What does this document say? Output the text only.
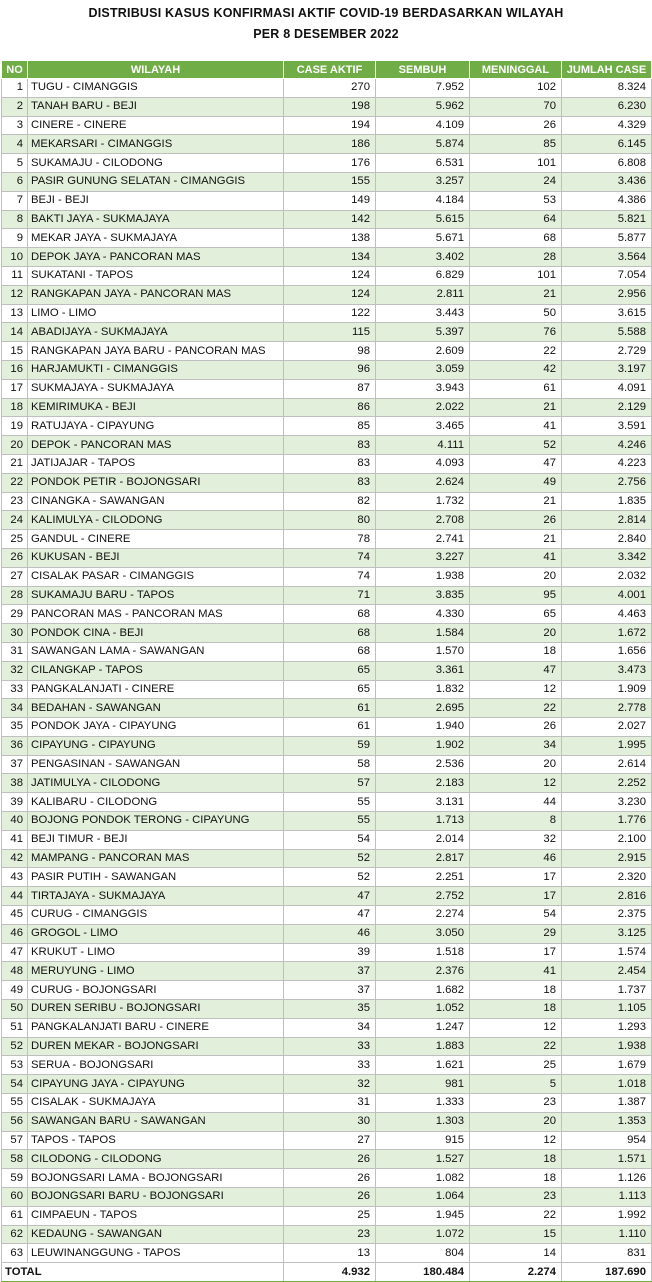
DISTRIBUSI KASUS KONFIRMASI AKTIF COVID-19 BERDASARKAN WILAYAH
PER 8 DESEMBER 2022
NO	WILAYAH	CASE AKTIF	SEMBUH	MENINGGAL	JUMLAH CASE
1	TUGU - CIMANGGIS	270	7.952	102	8.324
2	TANAH BARU - BEJI	198	5.962	70	6.230
3	CINERE - CINERE	194	4.109	26	4.329
4	MEKARSARI - CIMANGGIS	186	5.874	85	6.145
5	SUKAMAJU - CILODONG	176	6.531	101	6.808
6	PASIR GUNUNG SELATAN - CIMANGGIS	155	3.257	24	3.436
7	BEJI - BEJI	149	4.184	53	4.386
8	BAKTI JAYA - SUKMAJAYA	142	5.615	64	5.821
9	MEKAR JAYA - SUKMAJAYA	138	5.671	68	5.877
10	DEPOK JAYA - PANCORAN MAS	134	3.402	28	3.564
11	SUKATANI - TAPOS	124	6.829	101	7.054
12	RANGKAPAN JAYA - PANCORAN MAS	124	2.811	21	2.956
13	LIMO - LIMO	122	3.443	50	3.615
14	ABADIJAYA - SUKMAJAYA	115	5.397	76	5.588
15	RANGKAPAN JAYA BARU - PANCORAN MAS	98	2.609	22	2.729
16	HARJAMUKTI - CIMANGGIS	96	3.059	42	3.197
17	SUKMAJAYA - SUKMAJAYA	87	3.943	61	4.091
18	KEMIRIMUKA - BEJI	86	2.022	21	2.129
19	RATUJAYA - CIPAYUNG	85	3.465	41	3.591
20	DEPOK - PANCORAN MAS	83	4.111	52	4.246
21	JATIJAJAR - TAPOS	83	4.093	47	4.223
22	PONDOK PETIR - BOJONGSARI	83	2.624	49	2.756
23	CINANGKA - SAWANGAN	82	1.732	21	1.835
24	KALIMULYA - CILODONG	80	2.708	26	2.814
25	GANDUL - CINERE	78	2.741	21	2.840
26	KUKUSAN - BEJI	74	3.227	41	3.342
27	CISALAK PASAR - CIMANGGIS	74	1.938	20	2.032
28	SUKAMAJU BARU - TAPOS	71	3.835	95	4.001
29	PANCORAN MAS - PANCORAN MAS	68	4.330	65	4.463
30	PONDOK CINA - BEJI	68	1.584	20	1.672
31	SAWANGAN LAMA - SAWANGAN	68	1.570	18	1.656
32	CILANGKAP - TAPOS	65	3.361	47	3.473
33	PANGKALANJATI - CINERE	65	1.832	12	1.909
34	BEDAHAN - SAWANGAN	61	2.695	22	2.778
35	PONDOK JAYA - CIPAYUNG	61	1.940	26	2.027
36	CIPAYUNG - CIPAYUNG	59	1.902	34	1.995
37	PENGASINAN - SAWANGAN	58	2.536	20	2.614
38	JATIMULYA - CILODONG	57	2.183	12	2.252
39	KALIBARU - CILODONG	55	3.131	44	3.230
40	BOJONG PONDOK TERONG - CIPAYUNG	55	1.713	8	1.776
41	BEJI TIMUR - BEJI	54	2.014	32	2.100
42	MAMPANG - PANCORAN MAS	52	2.817	46	2.915
43	PASIR PUTIH - SAWANGAN	52	2.251	17	2.320
44	TIRTAJAYA - SUKMAJAYA	47	2.752	17	2.816
45	CURUG - CIMANGGIS	47	2.274	54	2.375
46	GROGOL - LIMO	46	3.050	29	3.125
47	KRUKUT - LIMO	39	1.518	17	1.574
48	MERUYUNG - LIMO	37	2.376	41	2.454
49	CURUG - BOJONGSARI	37	1.682	18	1.737
50	DUREN SERIBU - BOJONGSARI	35	1.052	18	1.105
51	PANGKALANJATI BARU - CINERE	34	1.247	12	1.293
52	DUREN MEKAR - BOJONGSARI	33	1.883	22	1.938
53	SERUA - BOJONGSARI	33	1.621	25	1.679
54	CIPAYUNG JAYA - CIPAYUNG	32	981	5	1.018
55	CISALAK - SUKMAJAYA	31	1.333	23	1.387
56	SAWANGAN BARU - SAWANGAN	30	1.303	20	1.353
57	TAPOS - TAPOS	27	915	12	954
58	CILODONG - CILODONG	26	1.527	18	1.571
59	BOJONGSARI LAMA - BOJONGSARI	26	1.082	18	1.126
60	BOJONGSARI BARU - BOJONGSARI	26	1.064	23	1.113
61	CIMPAEUN - TAPOS	25	1.945	22	1.992
62	KEDAUNG - SAWANGAN	23	1.072	15	1.110
63	LEUWINANGGUNG - TAPOS	13	804	14	831
TOTAL		4.932	180.484	2.274	187.690
